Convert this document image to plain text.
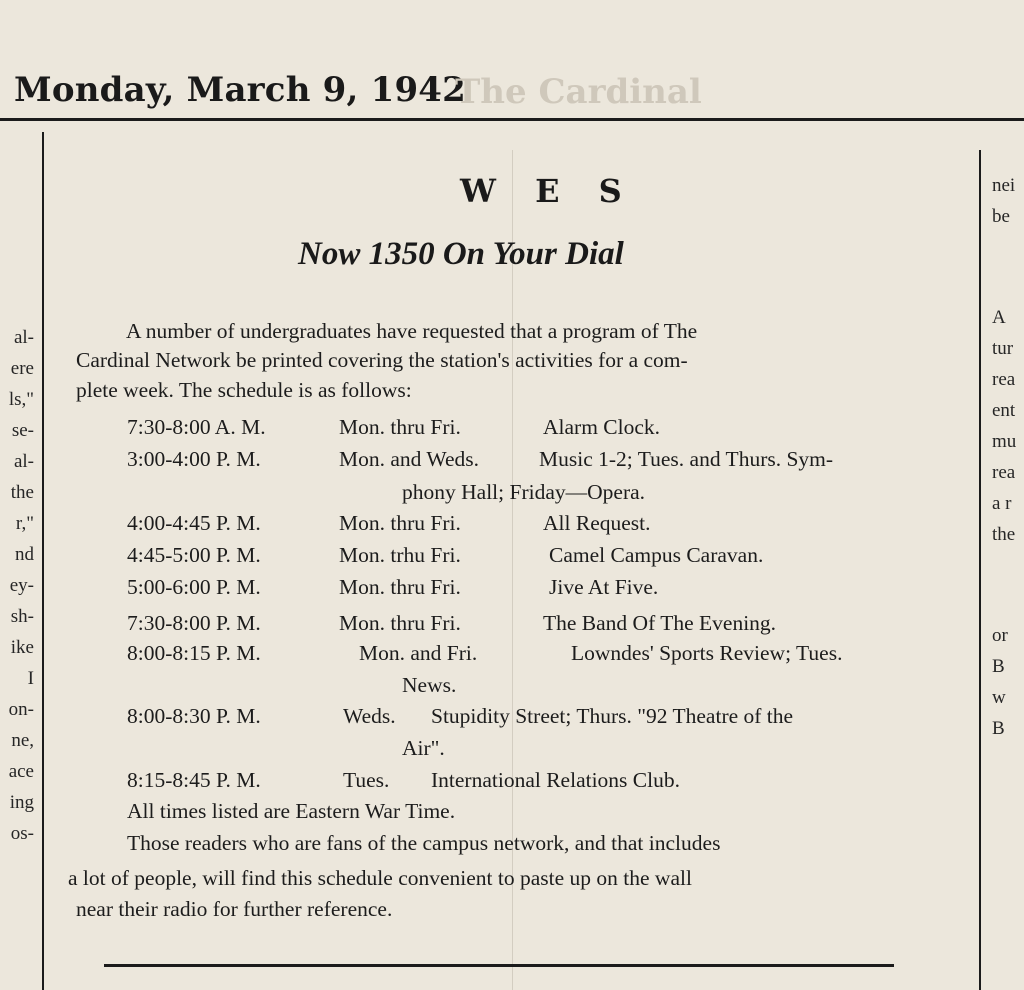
Monday, March 9, 1942
The Cardinal
al-
ere
ls,"
se-
al-
the
r,"
nd
ey-
sh-
ike
I
on-
ne,
ace
ing
os-
nei
be
A
tur
rea
ent
mu
rea
a r
the
or
B
w
B
W E S
Now 1350 On Your Dial
A number of undergraduates have requested that a program of The
Cardinal Network be printed covering the station's activities for a com-
plete week. The schedule is as follows:
7:30-8:00 A. M.	Mon. thru Fri.	Alarm Clock.
3:00-4:00 P. M.	Mon. and Weds.	Music 1-2; Tues. and Thurs. Sym-
phony Hall; Friday—Opera.
4:00-4:45 P. M.	Mon. thru Fri.	All Request.
4:45-5:00 P. M.	Mon. trhu Fri.	Camel Campus Caravan.
5:00-6:00 P. M.	Mon. thru Fri.	Jive At Five.
7:30-8:00 P. M.	Mon. thru Fri.	The Band Of The Evening.
8:00-8:15 P. M.	Mon. and Fri.	Lowndes' Sports Review; Tues.
News.
8:00-8:30 P. M.	Weds. Stupidity Street; Thurs. "92 Theatre of the
Air".
8:15-8:45 P. M.	Tues. International Relations Club.
All times listed are Eastern War Time.
Those readers who are fans of the campus network, and that includes
a lot of people, will find this schedule convenient to paste up on the wall
near their radio for further reference.
